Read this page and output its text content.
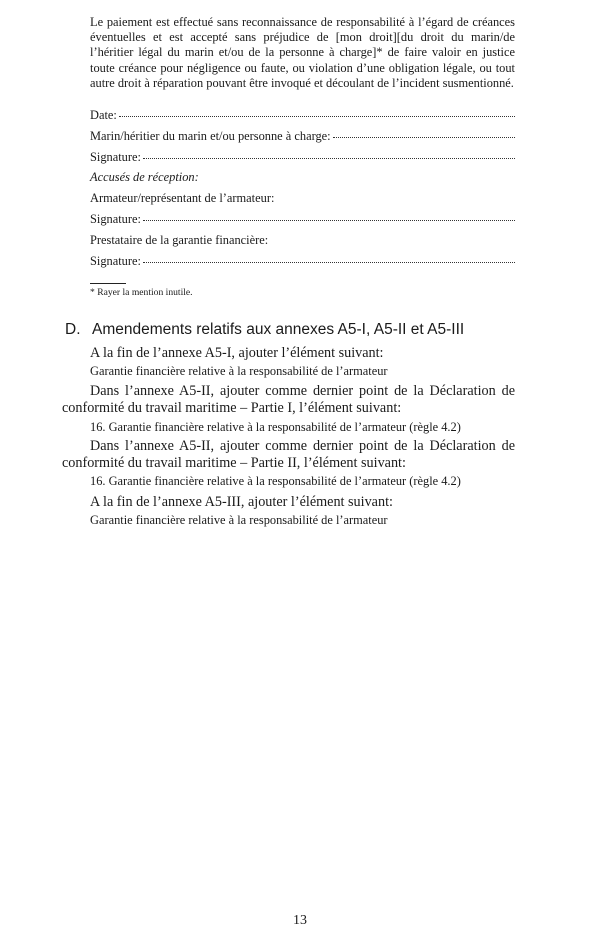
Le paiement est effectué sans reconnaissance de responsabilité à l’égard de créances éventuelles et est accepté sans préjudice de [mon droit][du droit du marin/de l’héritier légal du marin et/ou de la personne à charge]* de faire valoir en justice toute créance pour négligence ou faute, ou violation d’une obligation légale, ou tout autre droit à réparation pouvant être invoqué et découlant de l’incident susmentionné.

Date:
Marin/héritier du marin et/ou personne à charge:
Signature:
Accusés de réception:
Armateur/représentant de l’armateur:
Signature:
Prestataire de la garantie financière:
Signature:
* Rayer la mention inutile.
D. Amendements relatifs aux annexes A5-I, A5-II et A5-III

A la fin de l’annexe A5-I, ajouter l’élément suivant:

Garantie financière relative à la responsabilité de l’armateur

Dans l’annexe A5-II, ajouter comme dernier point de la Déclaration de conformité du travail maritime – Partie I, l’élément suivant:

16. Garantie financière relative à la responsabilité de l’armateur (règle 4.2)

Dans l’annexe A5-II, ajouter comme dernier point de la Déclaration de conformité du travail maritime – Partie II, l’élément suivant:

16. Garantie financière relative à la responsabilité de l’armateur (règle 4.2)

A la fin de l’annexe A5-III, ajouter l’élément suivant:

Garantie financière relative à la responsabilité de l’armateur
13
